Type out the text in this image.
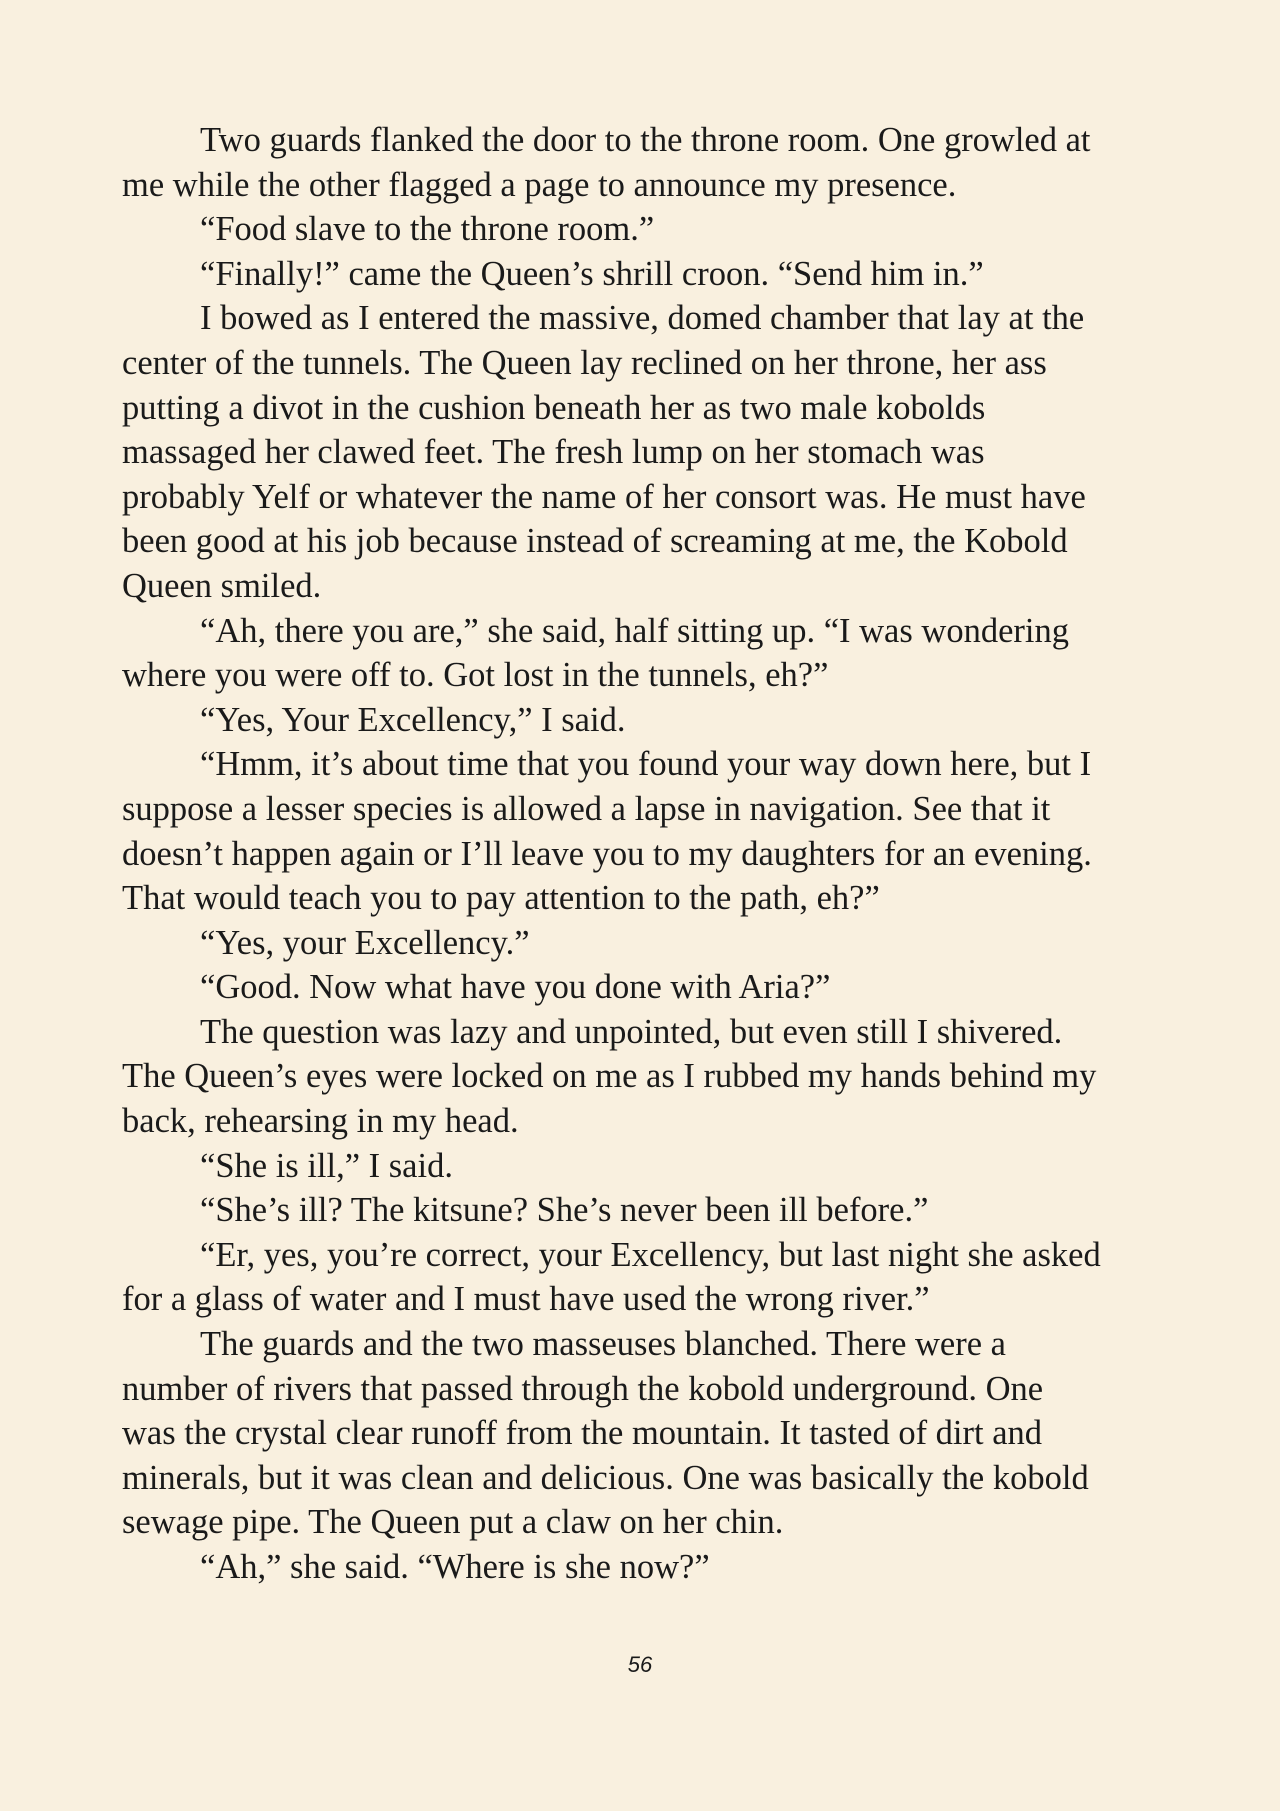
Two guards flanked the door to the throne room. One growled at
me while the other flagged a page to announce my presence.

“Food slave to the throne room.”

“Finally!” came the Queen’s shrill croon. “Send him in.”

I bowed as I entered the massive, domed chamber that lay at the
center of the tunnels. The Queen lay reclined on her throne, her ass
putting a divot in the cushion beneath her as two male kobolds
massaged her clawed feet. The fresh lump on her stomach was
probably Yelf or whatever the name of her consort was. He must have
been good at his job because instead of screaming at me, the Kobold
Queen smiled.

“Ah, there you are,” she said, half sitting up. “I was wondering
where you were off to. Got lost in the tunnels, eh?”

“Yes, Your Excellency,” I said.

“Hmm, it’s about time that you found your way down here, but I
suppose a lesser species is allowed a lapse in navigation. See that it
doesn’t happen again or I’ll leave you to my daughters for an evening.
That would teach you to pay attention to the path, eh?”

“Yes, your Excellency.”

“Good. Now what have you done with Aria?”

The question was lazy and unpointed, but even still I shivered.
The Queen’s eyes were locked on me as I rubbed my hands behind my
back, rehearsing in my head.

“She is ill,” I said.

“She’s ill? The kitsune? She’s never been ill before.”

“Er, yes, you’re correct, your Excellency, but last night she asked
for a glass of water and I must have used the wrong river.”

The guards and the two masseuses blanched. There were a
number of rivers that passed through the kobold underground. One
was the crystal clear runoff from the mountain. It tasted of dirt and
minerals, but it was clean and delicious. One was basically the kobold
sewage pipe. The Queen put a claw on her chin.

“Ah,” she said. “Where is she now?”

56
